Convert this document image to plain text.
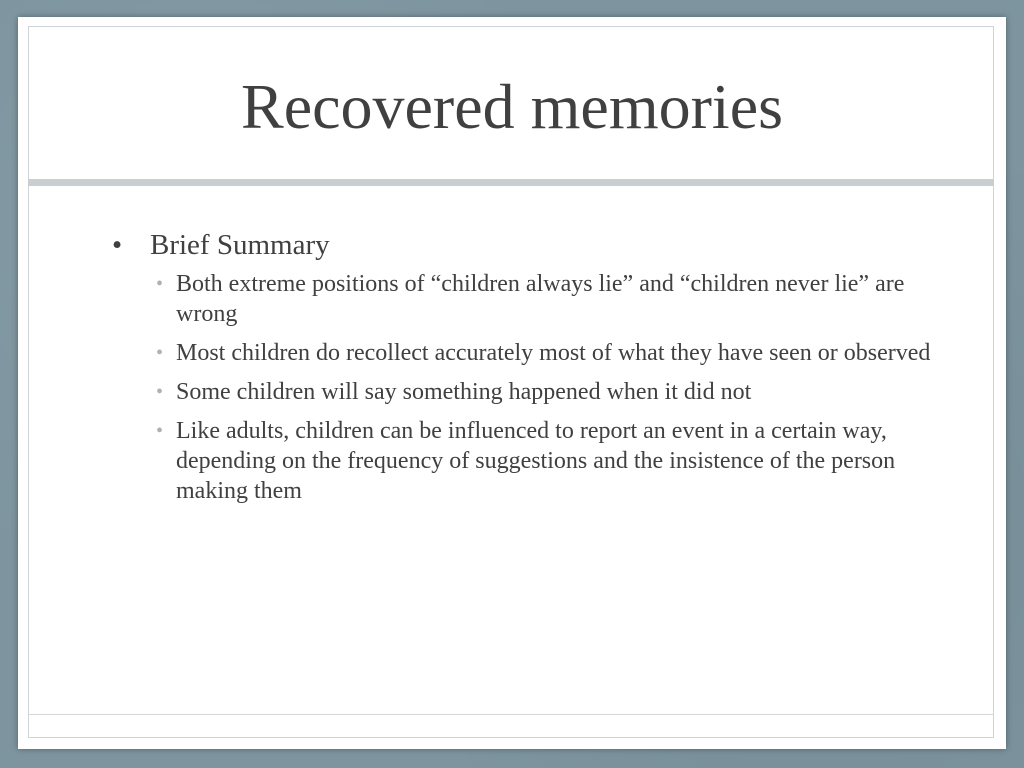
Recovered memories
• Brief Summary
• Both extreme positions of “children always lie” and “children never lie” are wrong
• Most children do recollect accurately most of what they have seen or observed
• Some children will say something happened when it did not
• Like adults, children can be influenced to report an event in a certain way, depending on the frequency of suggestions and the insistence of the person making them
